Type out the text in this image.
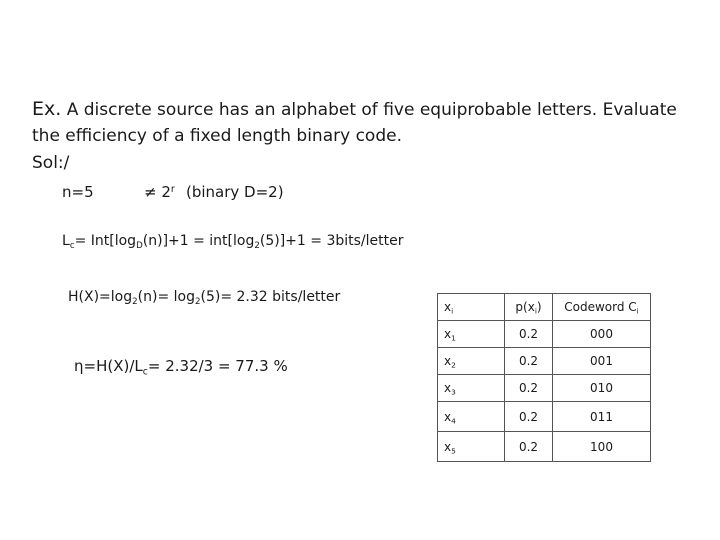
Ex. A discrete source has an alphabet of five equiprobable letters. Evaluate
the efficiency of a fixed length binary code.
Sol:/
n=5	≠ $2^r$ (binary D=2)
$L_c= Int[\log_D(n)]+1 = int[\log_2(5)]+1$ = 3bits/letter
$H(X)=\log_2(n)= \log_2(5)= 2.32$ bits/letter
$\eta=H(X)/L_c= 2.32/3 = 77.3$ %
$x_i$	$p(x_i)$	Codeword $C_i$
$x_1$	0.2	000
$x_2$	0.2	001
$x_3$	0.2	010
$x_4$	0.2	011
$x_5$	0.2	100
